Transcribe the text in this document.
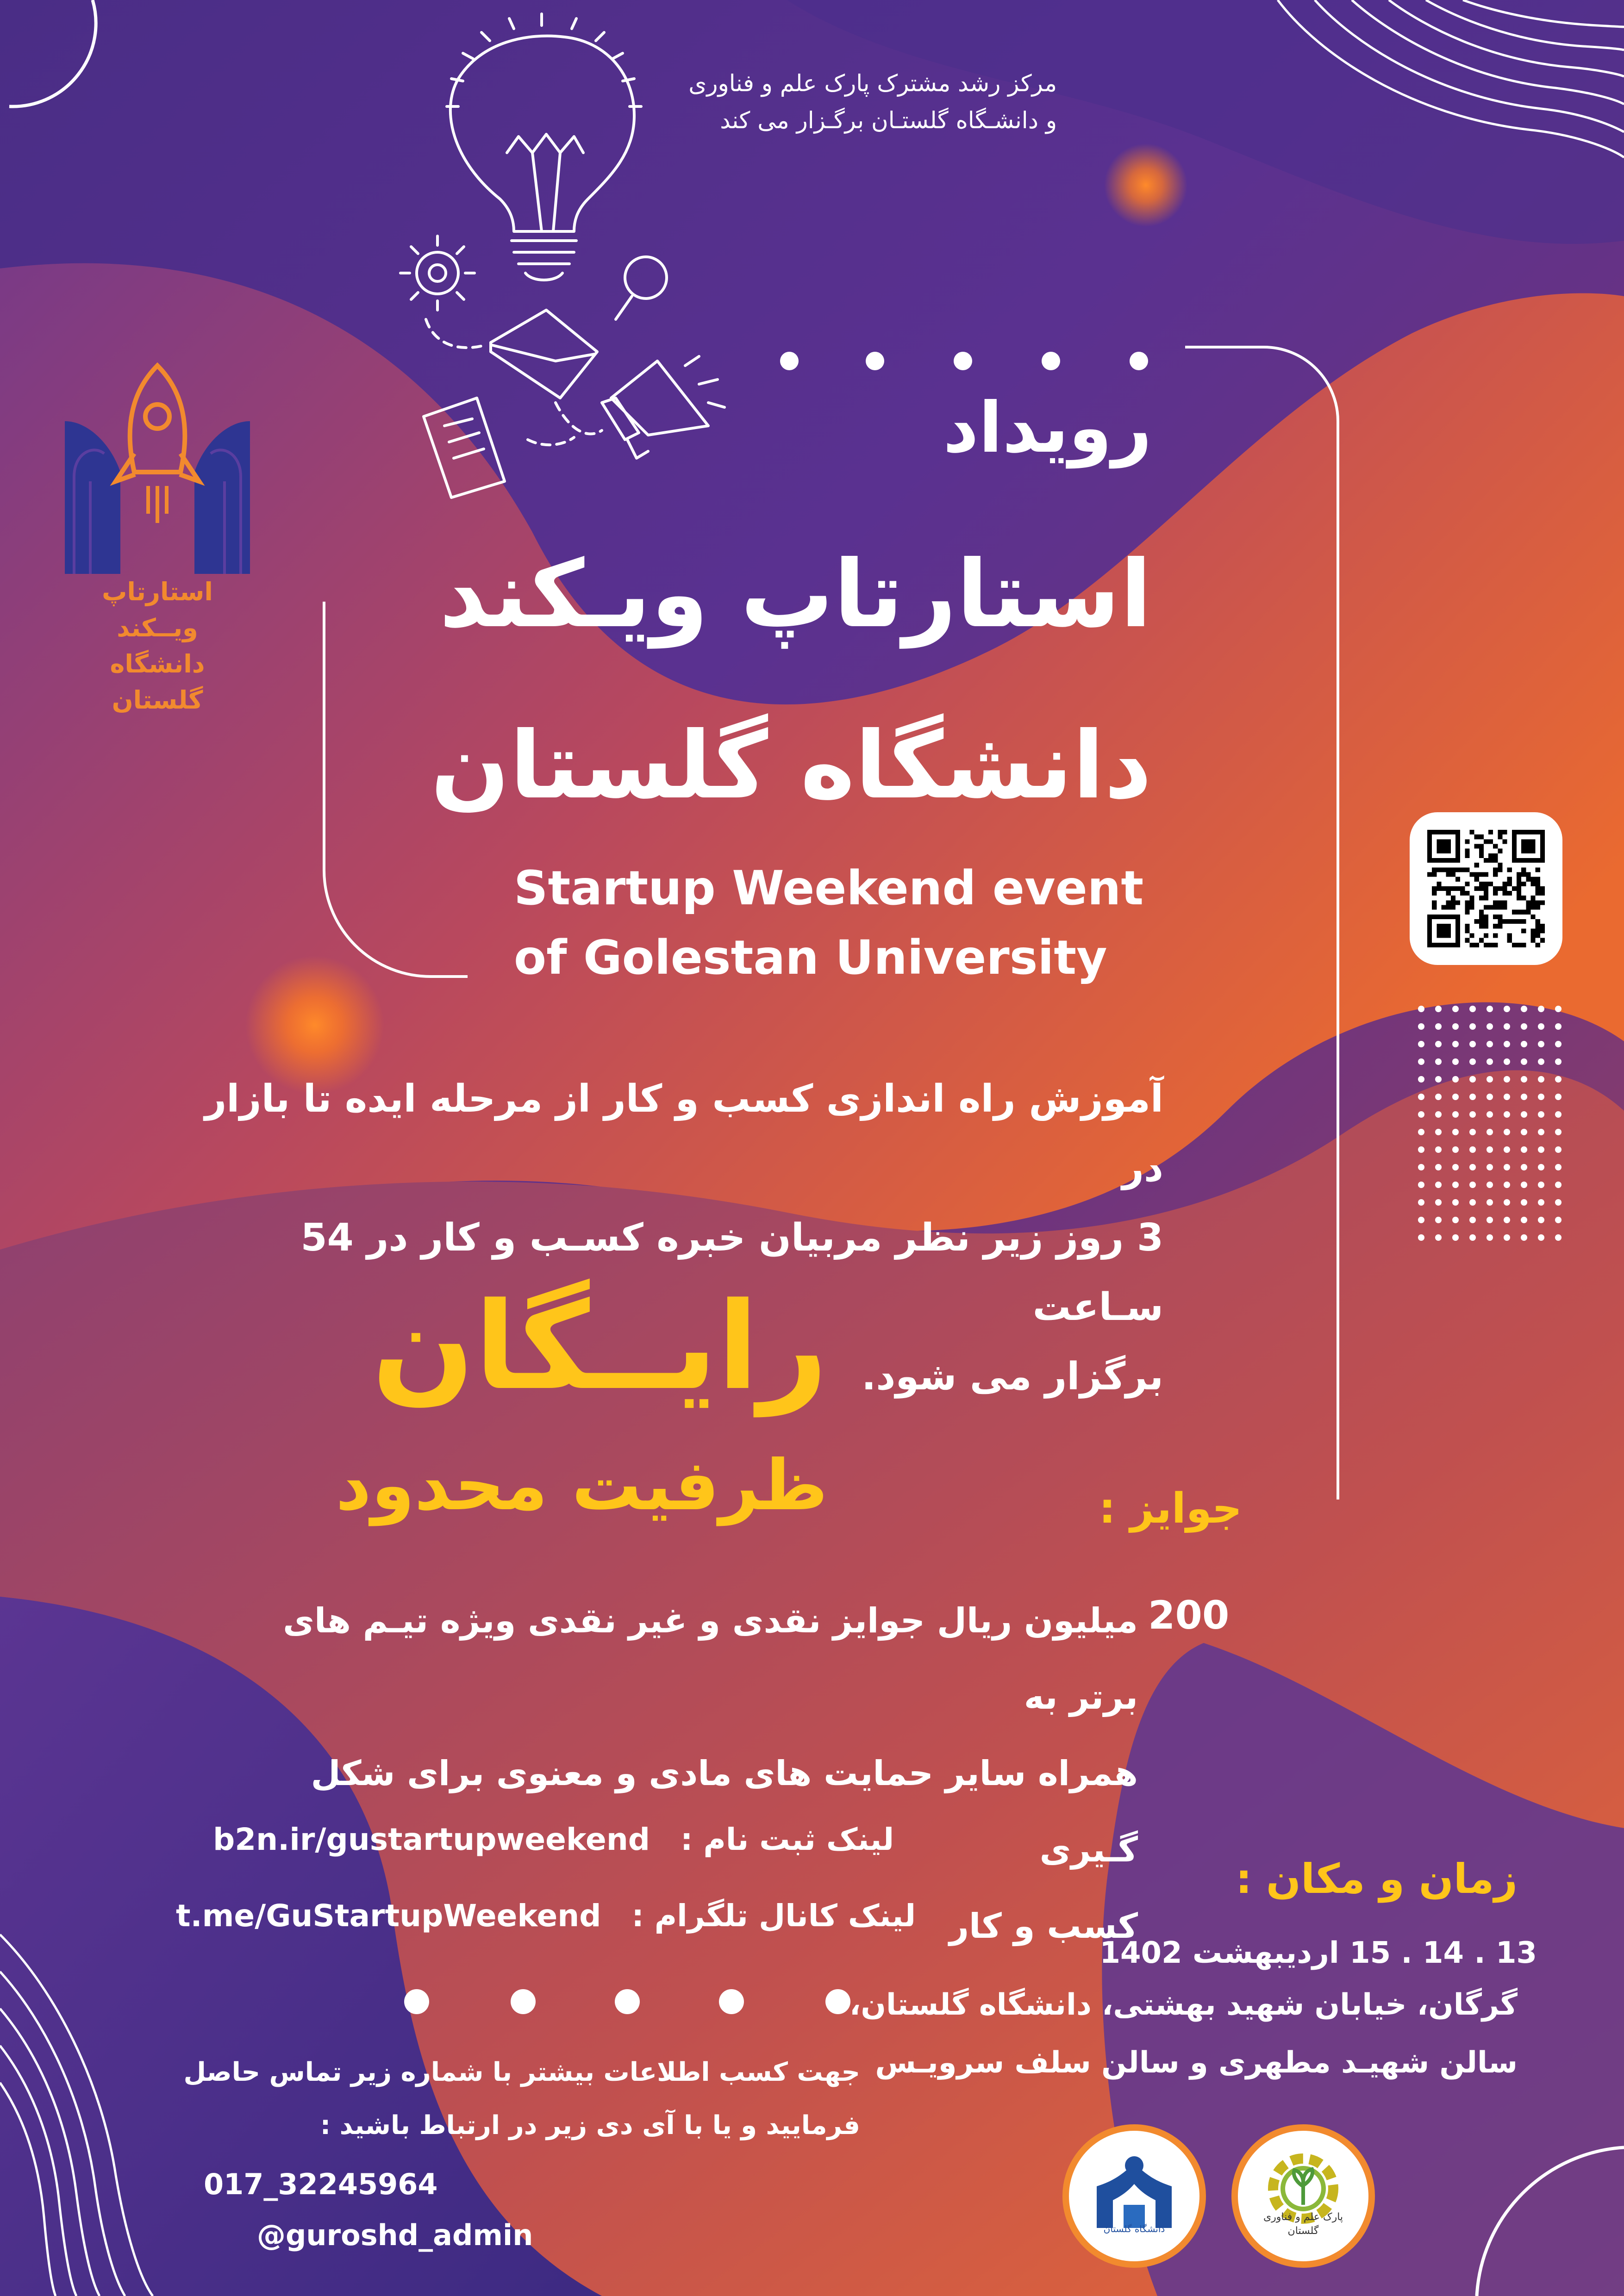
مرکز رشد مشترک پارک علم و فناوری
و دانشـگاه گلستـان برگـزار می کند
استارتاپ ویــکند
دانشگاه گلستان
رویداد
استارتاپ ویـکند
دانشگاه گلستان
Startup Weekend event
of Golestan University
آموزش راه اندازی کسب و کار از مرحله ایده تا بازار در
3 روز زیر نظر مربیان خبره کسـب و کار در 54 سـاعت
برگزار می شود.
رایــگان
ظرفیت محدود	جوایز :
200
میلیون ریال جوایز نقدی و غیر نقدی ویژه تیـم های برتر به
همراه سایر حمایت های مادی و معنوی برای شکل گـیری
کسب و کار
b2n.ir/gustartupweekend لینک ثبت نام :
t.me/GuStartupWeekend لینک کانال تلگرام :
جهت کسب اطلاعات بیشتر با شماره زیر تماس حاصل
فرمایید و یا با آی دی زیر در ارتباط باشید :
017_32245964
@guroshd_admin
زمان و مکان :
13 . 14 . 15 اردیبهشت 1402
گرگان، خیابان شهید بهشتی، دانشگاه گلستان،
سالن شهیـد مطهری و سالن سلف سرویـس
دانشگاه گلستان
پارک علم و فناوری گلستان
